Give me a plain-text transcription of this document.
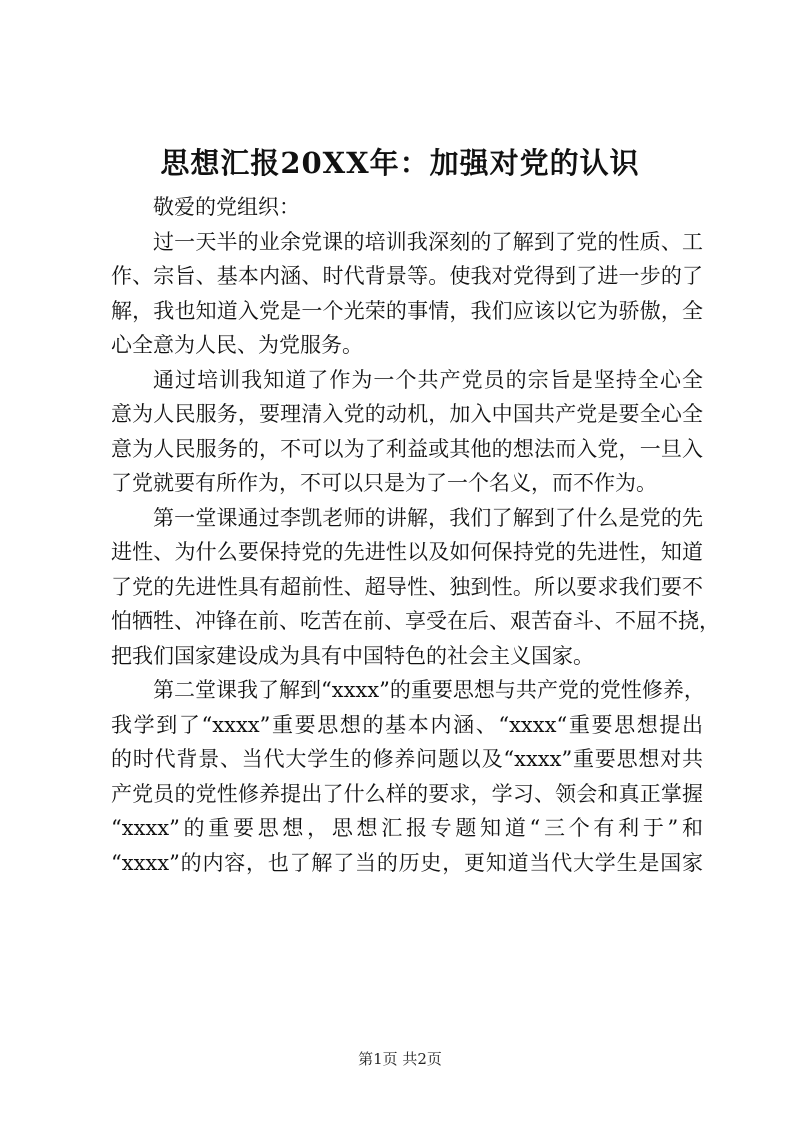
思想汇报20XX年：加强对党的认识
敬爱的党组织：
过一天半的业余党课的培训我深刻的了解到了党的性质、工
作、宗旨、基本内涵、时代背景等。使我对党得到了进一步的了
解，我也知道入党是一个光荣的事情，我们应该以它为骄傲，全
心全意为人民、为党服务。
通过培训我知道了作为一个共产党员的宗旨是坚持全心全
意为人民服务，要理清入党的动机，加入中国共产党是要全心全
意为人民服务的，不可以为了利益或其他的想法而入党，一旦入
了党就要有所作为，不可以只是为了一个名义，而不作为。
第一堂课通过李凯老师的讲解，我们了解到了什么是党的先
进性、为什么要保持党的先进性以及如何保持党的先进性，知道
了党的先进性具有超前性、超导性、独到性。所以要求我们要不
怕牺牲、冲锋在前、吃苦在前、享受在后、艰苦奋斗、不屈不挠，
把我们国家建设成为具有中国特色的社会主义国家。
第二堂课我了解到“xxxx”的重要思想与共产党的党性修养，
我学到了“xxxx”重要思想的基本内涵、“xxxx“重要思想提出
的时代背景、当代大学生的修养问题以及“xxxx”重要思想对共
产党员的党性修养提出了什么样的要求，学习、领会和真正掌握
“xxxx”的重要思想，思想汇报专题知道“三个有利于”和
“xxxx”的内容，也了解了当的历史，更知道当代大学生是国家
第1页 共2页
